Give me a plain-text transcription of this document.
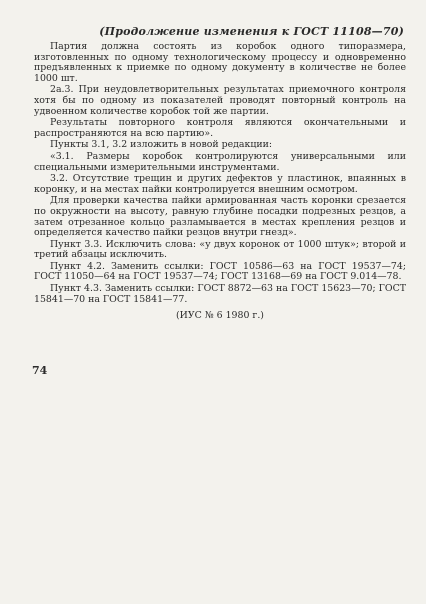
(Продолжение изменения к ГОСТ 11108—70)

Партия должна состоять из коробок одного типоразмера, изготовленных по одному технологическому процессу и одновременно предъявленных к приемке по одному документу в количестве не более 1000 шт.

2а.3. При неудовлетворительных результатах приемочного контроля хотя бы по одному из показателей проводят повторный контроль на удвоенном количестве коробок той же партии.

Результаты повторного контроля являются окончательными и распространяются на всю партию».

Пункты 3.1, 3.2 изложить в новой редакции:

«3.1. Размеры коробок контролируются универсальными или специальными измерительными инструментами.

3.2. Отсутствие трещин и других дефектов у пластинок, впаянных в коронку, и на местах пайки контролируется внешним осмотром.

Для проверки качества пайки армированная часть коронки срезается по окружности на высоту, равную глубине посадки подрезных резцов, а затем отрезанное кольцо разламывается в местах крепления резцов и определяется качество пайки резцов внутри гнезд».

Пункт 3.3. Исключить слова: «у двух коронок от 1000 штук»; второй и третий абзацы исключить.

Пункт 4.2. Заменить ссылки: ГОСТ 10586—63 на ГОСТ 19537—74; ГОСТ 11050—64 на ГОСТ 19537—74; ГОСТ 13168—69 на ГОСТ 9.014—78.

Пункт 4.3. Заменить ссылки: ГОСТ 8872—63 на ГОСТ 15623—70; ГОСТ 15841—70 на ГОСТ 15841—77.

(ИУС № 6 1980 г.)

74
